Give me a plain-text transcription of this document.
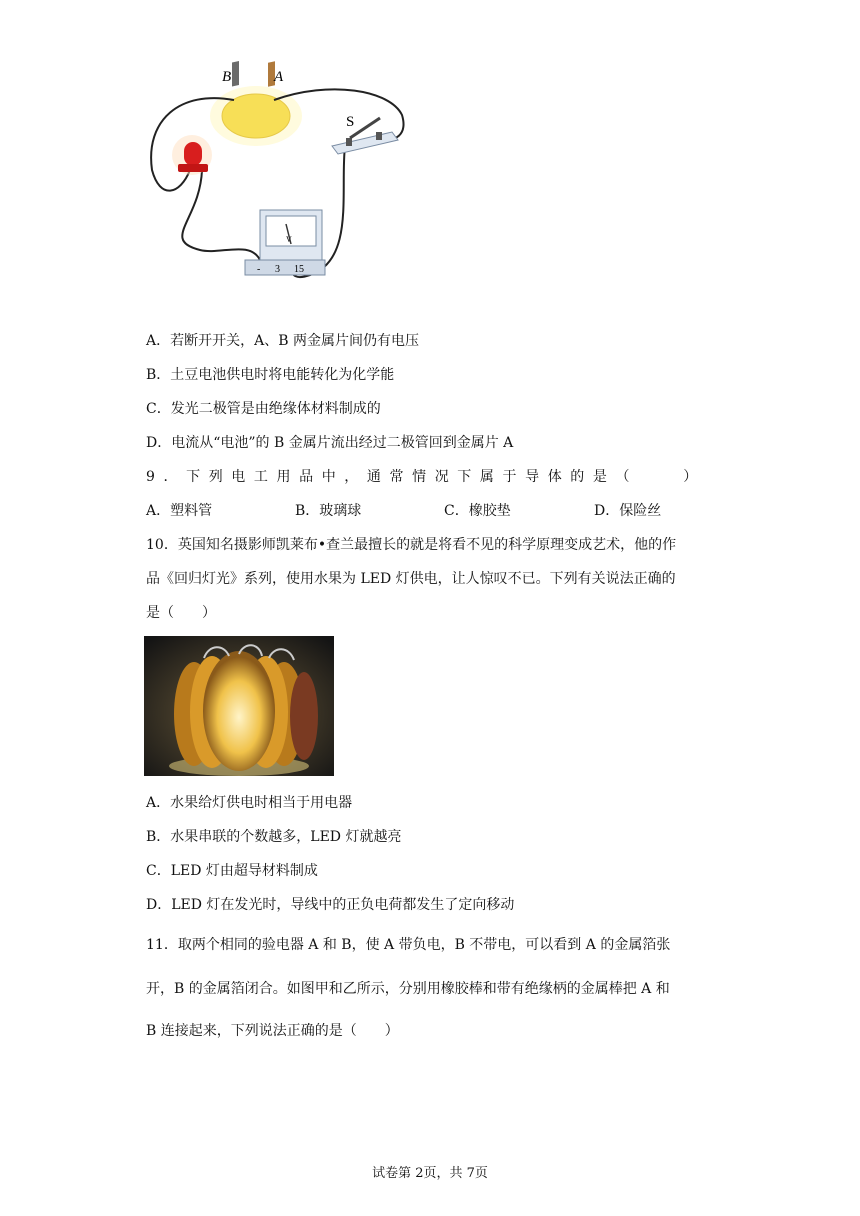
B	A
S
V
- 3 15
A．若断开开关，A、B 两金属片间仍有电压
B．土豆电池供电时将电能转化为化学能
C．发光二极管是由绝缘体材料制成的
D．电流从“电池”的 B 金属片流出经过二极管回到金属片 A
9．下列电工用品中，通常情况下属于导体的是（　　）
A．塑料管	B．玻璃球	C．橡胶垫	D．保险丝
10．英国知名摄影师凯莱布•查兰最擅长的就是将看不见的科学原理变成艺术，他的作
品《回归灯光》系列，使用水果为 LED 灯供电，让人惊叹不已。下列有关说法正确的
是（　　）
A．水果给灯供电时相当于用电器
B．水果串联的个数越多，LED 灯就越亮
C．LED 灯由超导材料制成
D．LED 灯在发光时，导线中的正负电荷都发生了定向移动
11．取两个相同的验电器 A 和 B，使 A 带负电，B 不带电，可以看到 A 的金属箔张
开，B 的金属箔闭合。如图甲和乙所示，分别用橡胶棒和带有绝缘柄的金属棒把 A 和
B 连接起来，下列说法正确的是（　　）
试卷第 2页，共 7页
